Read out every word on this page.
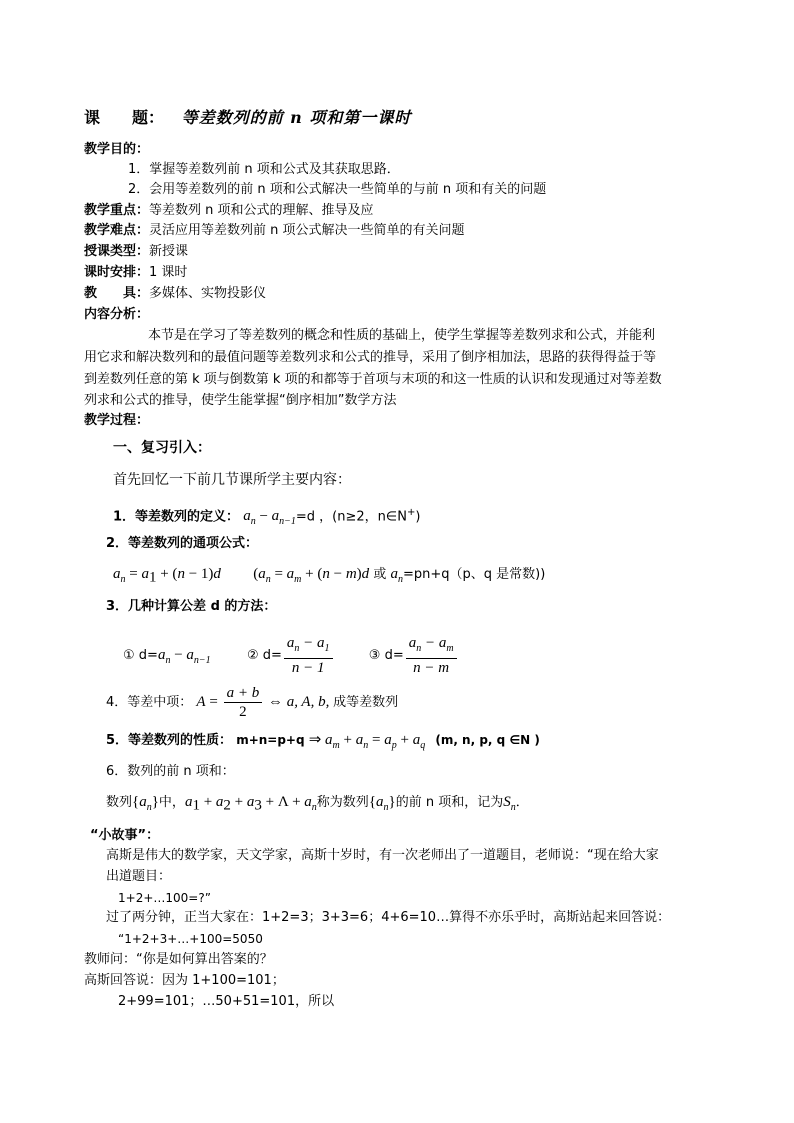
课　　题： 等差数列的前 n 项和第一课时
教学目的：
1．掌握等差数列前 n 项和公式及其获取思路．
2．会用等差数列的前 n 项和公式解决一些简单的与前 n 项和有关的问题
教学重点：等差数列 n 项和公式的理解、推导及应
教学难点：灵活应用等差数列前 n 项公式解决一些简单的有关问题
授课类型：新授课
课时安排：1 课时
教　　具：多媒体、实物投影仪
内容分析：
本节是在学习了等差数列的概念和性质的基础上，使学生掌握等差数列求和公式，并能利
用它求和解决数列和的最值问题等差数列求和公式的推导，采用了倒序相加法，思路的获得得益于等
到差数列任意的第 k 项与倒数第 k 项的和都等于首项与末项的和这一性质的认识和发现通过对等差数
列求和公式的推导，使学生能掌握“倒序相加”数学方法
教学过程：
一、复习引入：
首先回忆一下前几节课所学主要内容：
1．等差数列的定义： $a_n - a_{n-1}=d$ ，(n≥2，n∈N+)
2．等差数列的通项公式：
$a_n = a_1 + (n - 1)d$ ($a_n = a_m + (n - m)d$ 或 $a_n=pn+q(p$、q 是常数))
3．几种计算公差 d 的方法：
① $d=a_n - a_{n-1}$	② $d= \frac{a_n - a_1}{n - 1}$	③ $d= \frac{a_n - a_m}{n - m}$
4．等差中项： $A = \frac{a + b}{2}$ ⇔ a, A, b, 成等差数列
5．等差数列的性质： m+n=p+q ⇒ $a_m + a_n = a_p + a_q$ (m, n, p, q ∈N )
6．数列的前 n 项和：
数列$\{a_n\}$中，$a_1 + a_2 + a_3 + \Lambda + a_n$称为数列$\{a_n\}$的前 n 项和，记为$S_n$．
“小故事”：
高斯是伟大的数学家，天文学家，高斯十岁时，有一次老师出了一道题目，老师说：“现在给大家
出道题目：
1+2+…100=?”
过了两分钟，正当大家在：1+2=3；3+3=6；4+6=10…算得不亦乐乎时，高斯站起来回答说：
“1+2+3+…+100=5050
教师问：“你是如何算出答案的？
高斯回答说：因为 1+100=101；
2+99=101；…50+51=101，所以
